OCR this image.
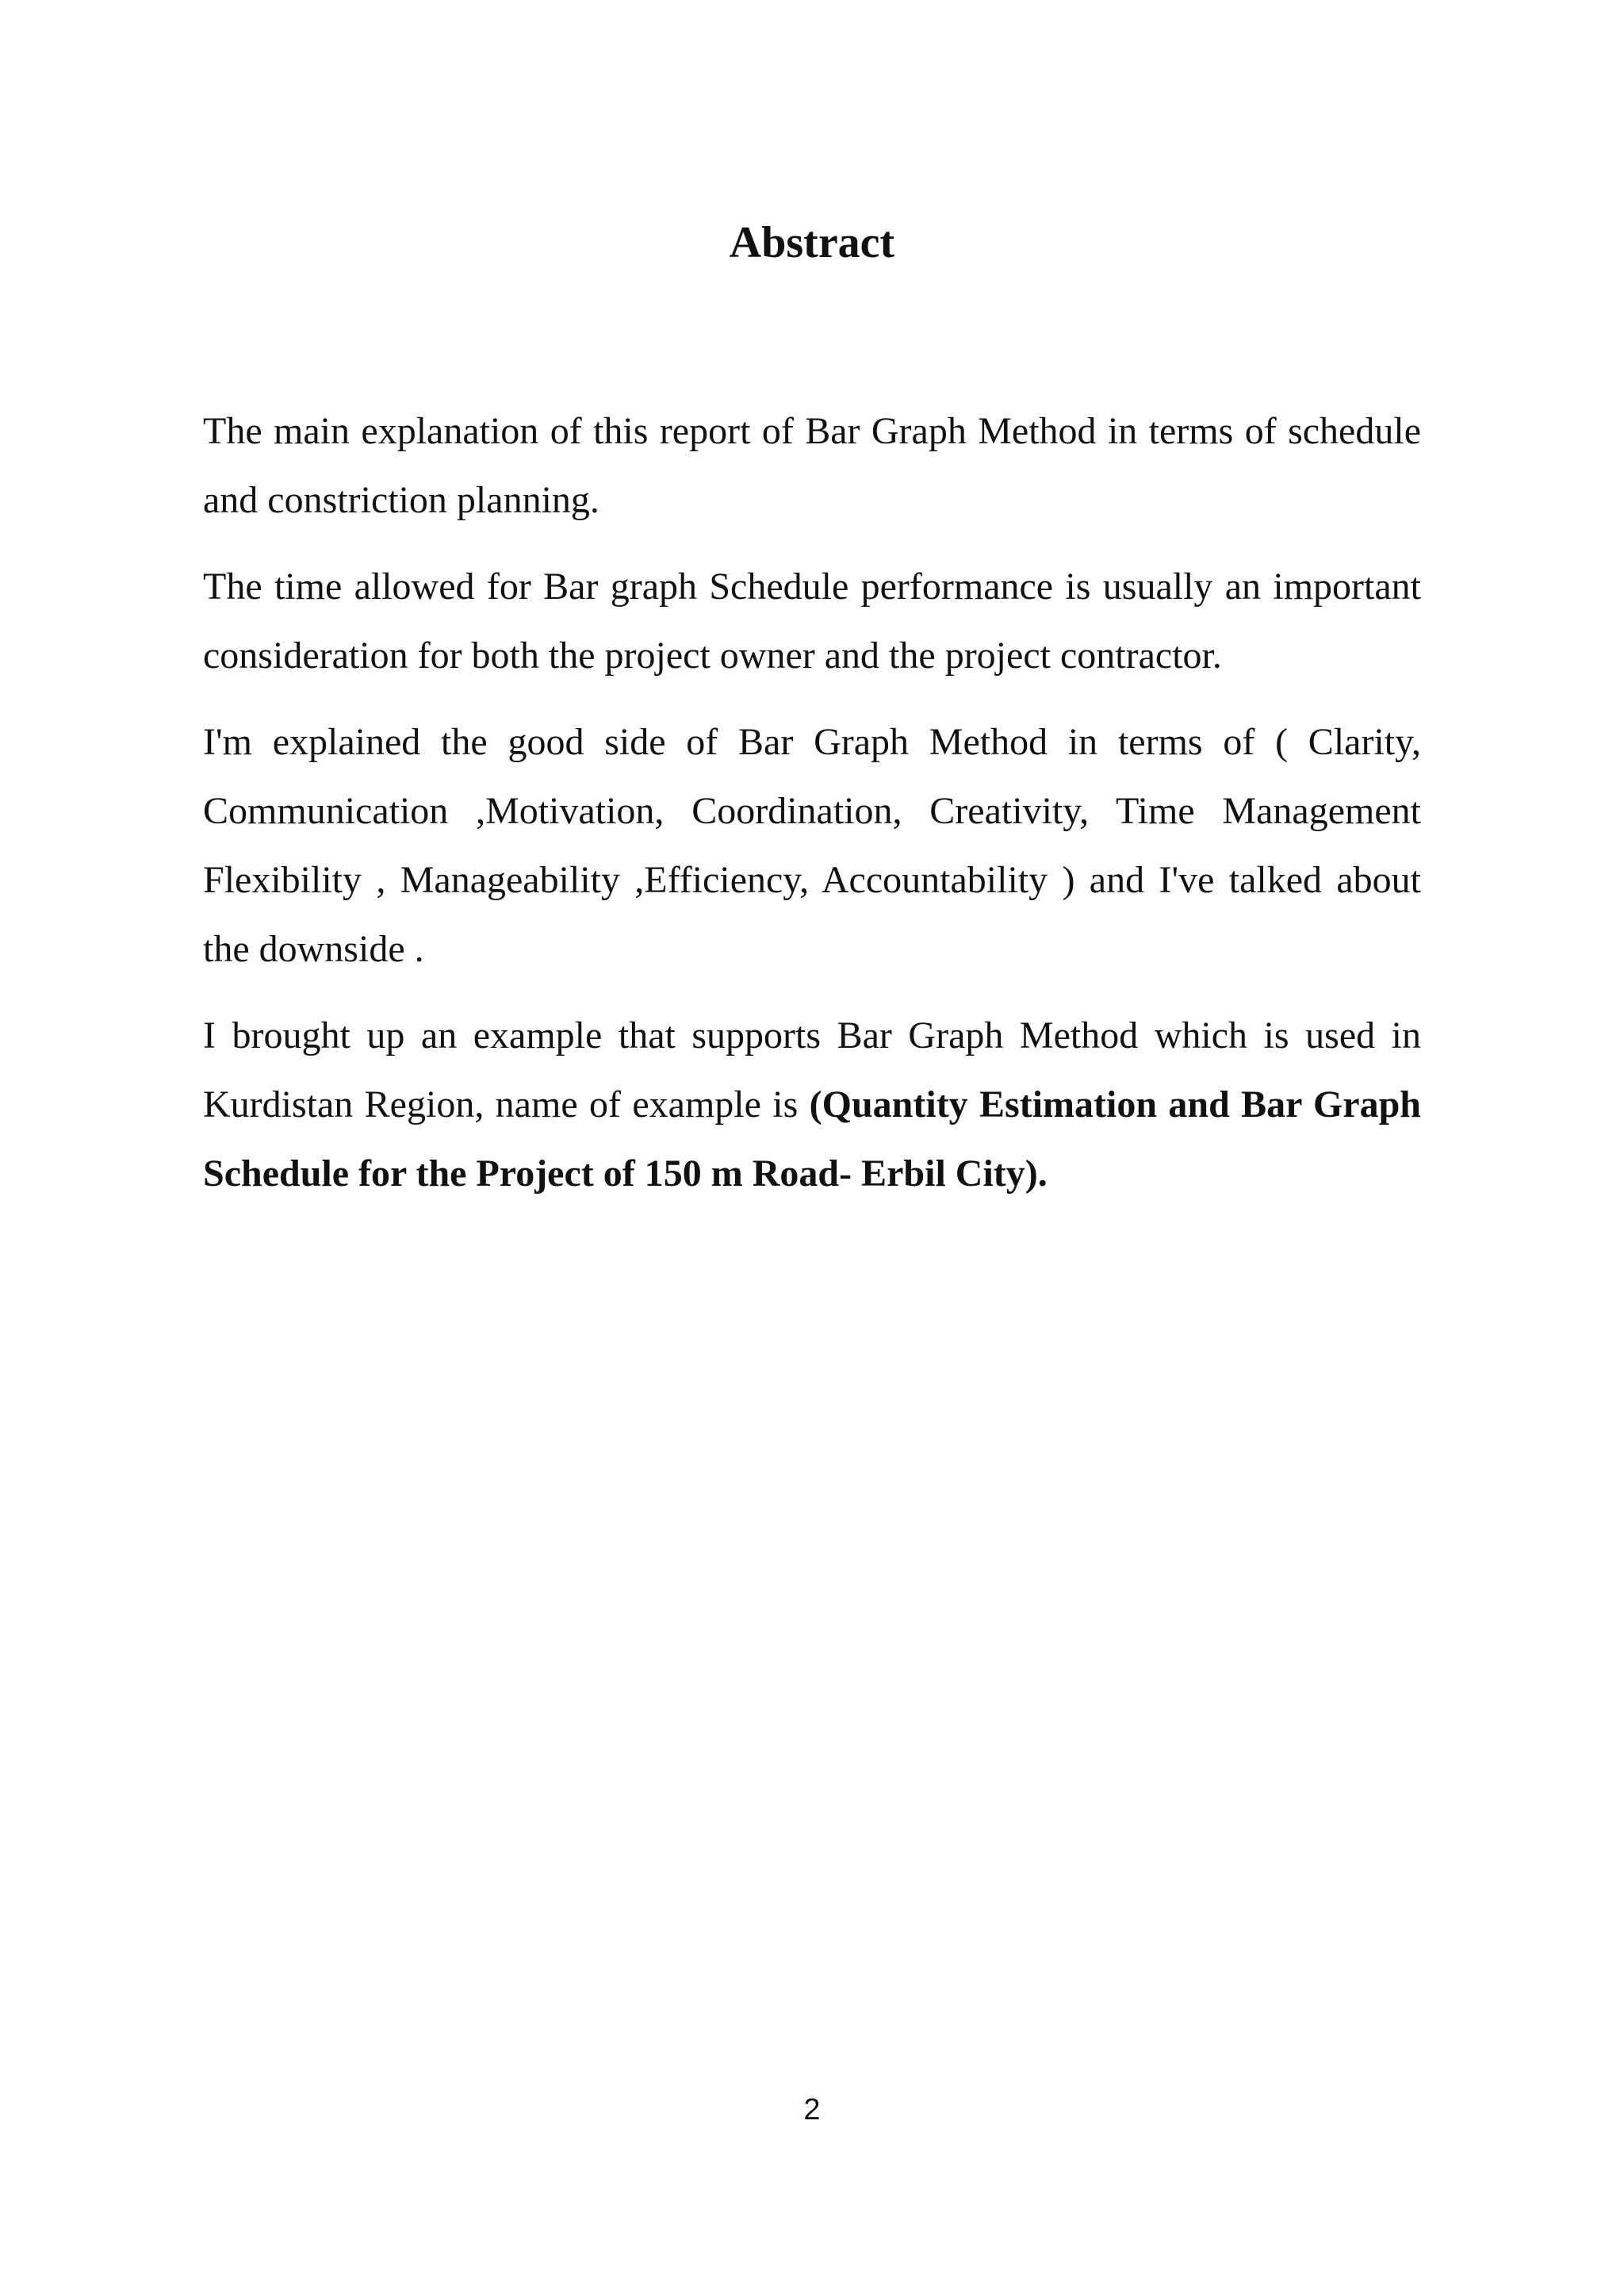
Abstract

The main explanation of this report of Bar Graph Method in terms of schedule and constriction planning.

The time allowed for Bar graph Schedule performance is usually an important consideration for both the project owner and the project contractor.

I'm explained the good side of Bar Graph Method in terms of ( Clarity, Communication ,Motivation, Coordination, Creativity, Time Management Flexibility , Manageability ,Efficiency, Accountability ) and I've talked about the downside .

I brought up an example that supports Bar Graph Method which is used in Kurdistan Region, name of example is (Quantity Estimation and Bar Graph Schedule for the Project of 150 m Road- Erbil City).

2
